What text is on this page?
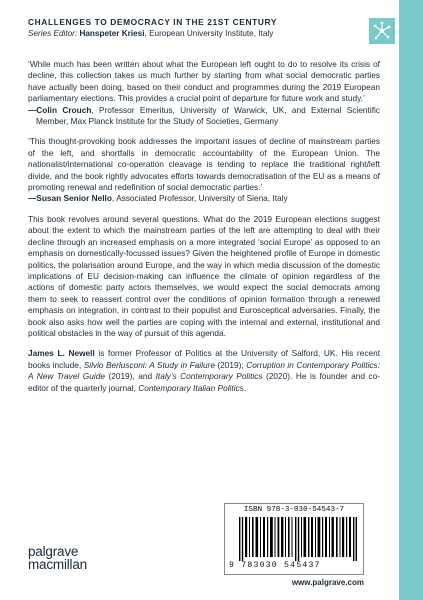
CHALLENGES TO DEMOCRACY IN THE 21ST CENTURY
Series Editor: Hanspeter Kriesi, European University Institute, Italy

‘While much has been written about what the European left ought to do to resolve its crisis of decline, this collection takes us much further by starting from what social democratic parties have actually been doing, based on their conduct and programmes during the 2019 European parliamentary elections. This provides a crucial point of departure for future work and study.’

—Colin Crouch, Professor Emeritus, University of Warwick, UK, and External Scientific Member, Max Planck Institute for the Study of Societies, Germany

‘This thought-provoking book addresses the important issues of decline of mainstream parties of the left, and shortfalls in democratic accountability of the European Union. The nationalist/international co-operation cleavage is tending to replace the traditional right/left divide, and the book rightly advocates efforts towards democratisation of the EU as a means of promoting renewal and redefinition of social democratic parties.’

—Susan Senior Nello, Associated Professor, University of Siena, Italy

This book revolves around several questions. What do the 2019 European elections suggest about the extent to which the mainstream parties of the left are attempting to deal with their decline through an increased emphasis on a more integrated ‘social Europe’ as opposed to an emphasis on domestically-focussed issues? Given the heightened profile of Europe in domestic politics, the polarisation around Europe, and the way in which media discussion of the domestic implications of EU decision-making can influence the climate of opinion regardless of the actions of domestic party actors themselves, we would expect the social democrats among them to seek to reassert control over the conditions of opinion formation through a renewed emphasis on integration, in contrast to their populist and Eurosceptical adversaries. Finally, the book also asks how well the parties are coping with the internal and external, institutional and political obstacles in the way of pursuit of this agenda.

James L. Newell is former Professor of Politics at the University of Salford, UK. His recent books include, Silvio Berlusconi: A Study in Failure (2019); Corruption in Contemporary Politics: A New Travel Guide (2019), and Italy’s Contemporary Politics (2020). He is founder and co-editor of the quarterly journal, Contemporary Italian Politics.

palgrave
macmillan
ISBN 978-3-030-54543-7
9 783030 545437
www.palgrave.com
